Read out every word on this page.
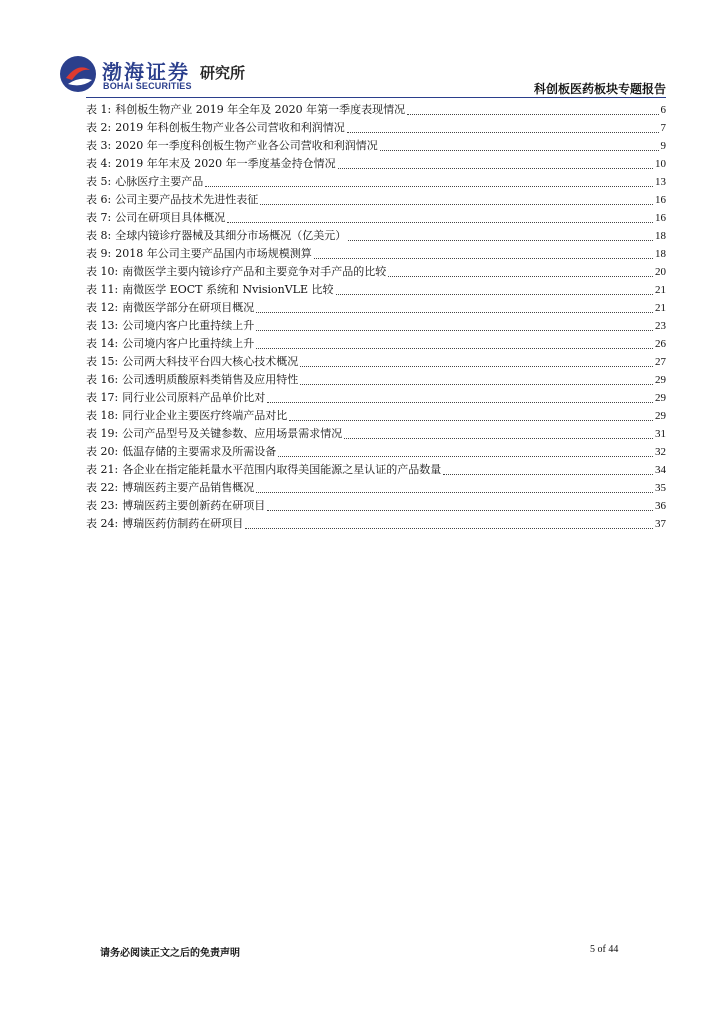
渤海证券
BOHAI SECURITIES
研究所
科创板医药板块专题报告
表 1: 科创板生物产业 2019 年全年及 2020 年第一季度表现情况	6
表 2: 2019 年科创板生物产业各公司营收和利润情况	7
表 3: 2020 年一季度科创板生物产业各公司营收和利润情况	9
表 4: 2019 年年末及 2020 年一季度基金持仓情况	10
表 5: 心脉医疗主要产品	13
表 6: 公司主要产品技术先进性表征	16
表 7: 公司在研项目具体概况	16
表 8: 全球内镜诊疗器械及其细分市场概况（亿美元）	18
表 9: 2018 年公司主要产品国内市场规模测算	18
表 10: 南微医学主要内镜诊疗产品和主要竞争对手产品的比较	20
表 11: 南微医学 EOCT 系统和 NvisionVLE 比较	21
表 12: 南微医学部分在研项目概况	21
表 13: 公司境内客户比重持续上升	23
表 14: 公司境内客户比重持续上升	26
表 15: 公司两大科技平台四大核心技术概况	27
表 16: 公司透明质酸原料类销售及应用特性	29
表 17: 同行业公司原料产品单价比对	29
表 18: 同行业企业主要医疗终端产品对比	29
表 19: 公司产品型号及关键参数、应用场景需求情况	31
表 20: 低温存储的主要需求及所需设备	32
表 21: 各企业在指定能耗量水平范围内取得美国能源之星认证的产品数量	34
表 22: 博瑞医药主要产品销售概况	35
表 23: 博瑞医药主要创新药在研项目	36
表 24: 博瑞医药仿制药在研项目	37
请务必阅读正文之后的免责声明	5 of 44
